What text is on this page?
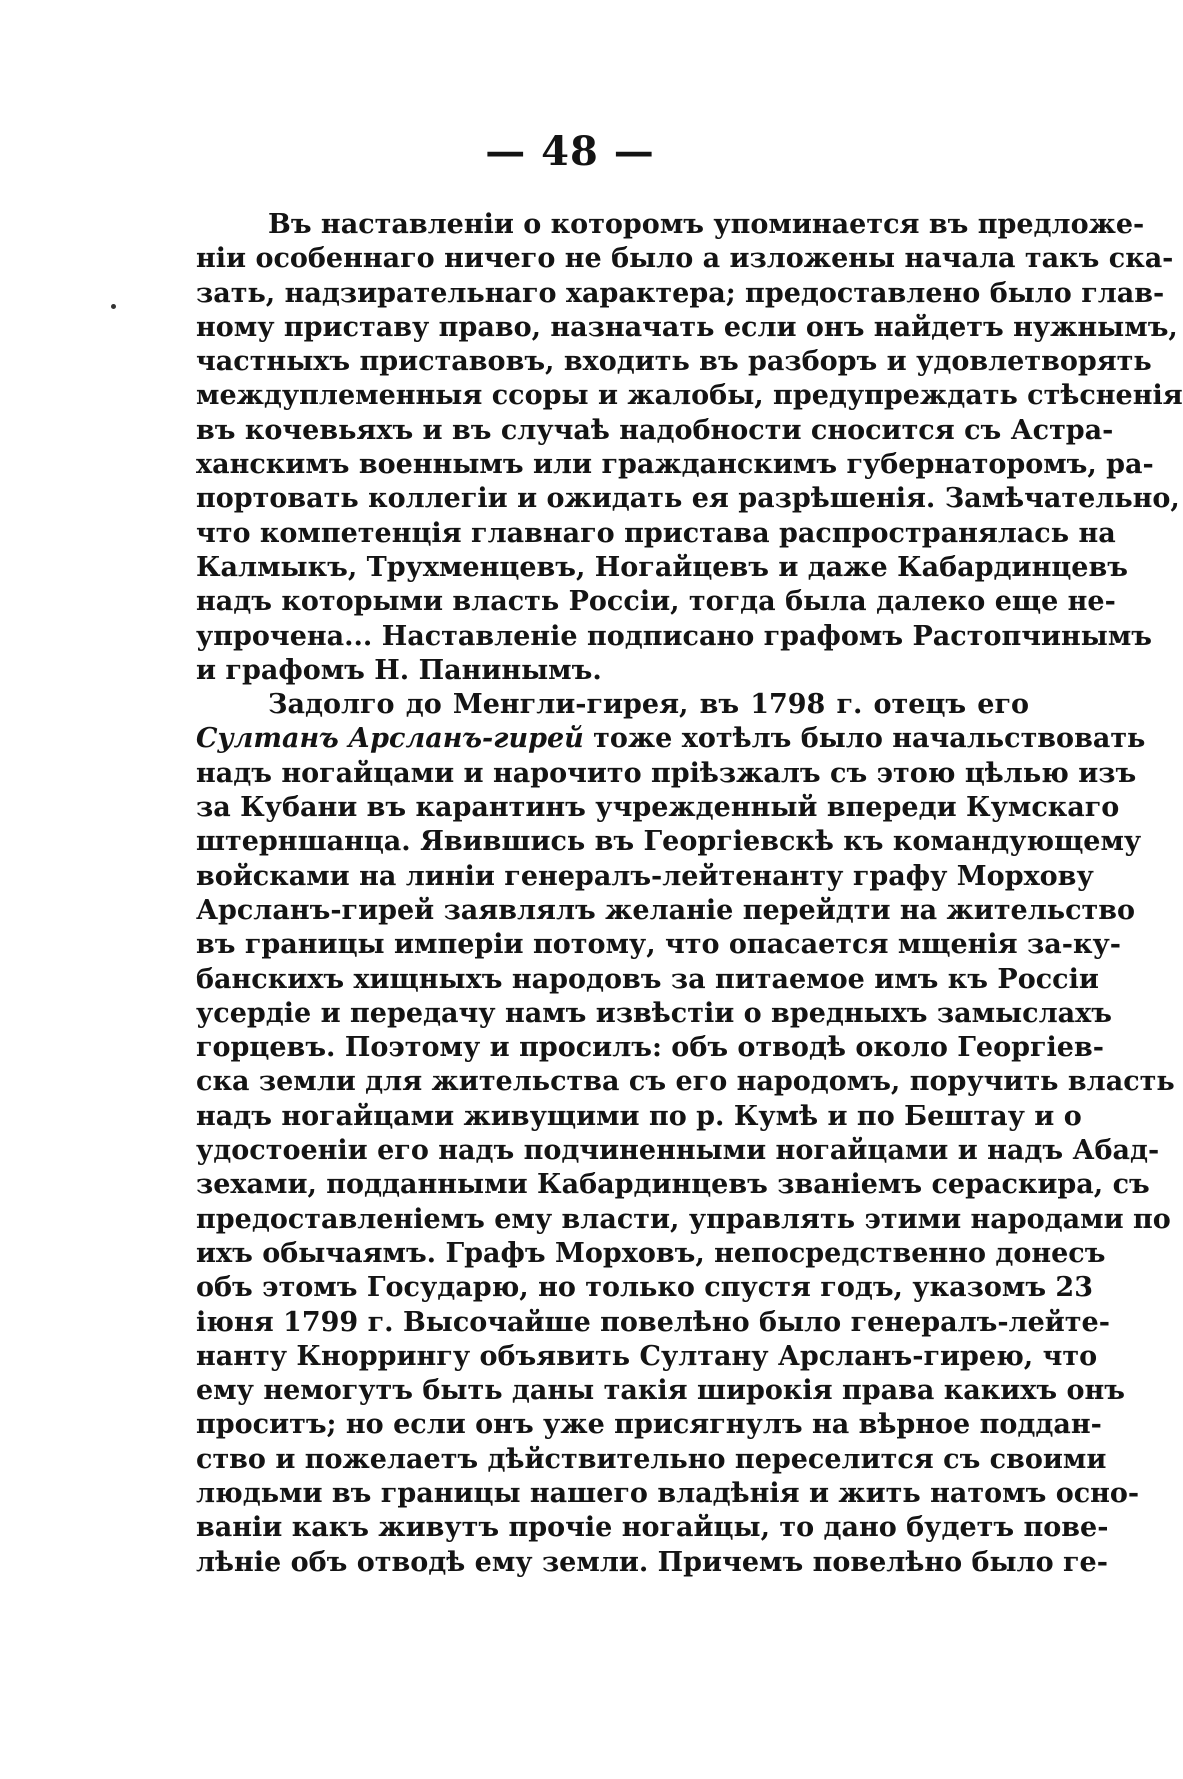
— 48 —
Въ наставленіи о которомъ упоминается въ предложе-
ніи особеннаго ничего не было а изложены начала такъ ска-
зать, надзирательнаго характера; предоставлено было глав-
ному приставу право, назначать если онъ найдетъ нужнымъ,
частныхъ приставовъ, входить въ разборъ и удовлетворять
междуплеменныя ссоры и жалобы, предупреждать стѣсненія
въ кочевьяхъ и въ случаѣ надобности сносится съ Астра-
ханскимъ военнымъ или гражданскимъ губернаторомъ, ра-
портовать коллегіи и ожидать ея разрѣшенія. Замѣчательно,
что компетенція главнаго пристава распространялась на
Калмыкъ, Трухменцевъ, Ногайцевъ и даже Кабардинцевъ
надъ которыми власть Россіи, тогда была далеко еще не-
упрочена... Наставленіе подписано графомъ Растопчинымъ
и графомъ Н. Панинымъ.
Задолго до Менгли-гирея, въ 1798 г. отецъ его
Султанъ Арсланъ-гирей тоже хотѣлъ было начальствовать
надъ ногайцами и нарочито пріѣзжалъ съ этою цѣлью изъ
за Кубани въ карантинъ учрежденный впереди Кумскаго
штерншанца. Явившись въ Георгіевскѣ къ командующему
войсками на линіи генералъ-лейтенанту графу Морхову
Арсланъ-гирей заявлялъ желаніе перейдти на жительство
въ границы имперіи потому, что опасается мщенія за-ку-
банскихъ хищныхъ народовъ за питаемое имъ къ Россіи
усердіе и передачу намъ извѣстіи о вредныхъ замыслахъ
горцевъ. Поэтому и просилъ: объ отводѣ около Георгіев-
ска земли для жительства съ его народомъ, поручить власть
надъ ногайцами живущими по р. Кумѣ и по Бештау и о
удостоеніи его надъ подчиненными ногайцами и надъ Абад-
зехами, подданными Кабардинцевъ званіемъ сераскира, съ
предоставленіемъ ему власти, управлять этими народами по
ихъ обычаямъ. Графъ Морховъ, непосредственно донесъ
объ этомъ Государю, но только спустя годъ, указомъ 23
іюня 1799 г. Высочайше повелѣно было генералъ-лейте-
нанту Кноррингу объявить Султану Арсланъ-гирею, что
ему немогутъ быть даны такія широкія права какихъ онъ
проситъ; но если онъ уже присягнулъ на вѣрное поддан-
ство и пожелаетъ дѣйствительно переселится съ своими
людьми въ границы нашего владѣнія и жить натомъ осно-
ваніи какъ живутъ прочіе ногайцы, то дано будетъ пове-
лѣніе объ отводѣ ему земли. Причемъ повелѣно было ге-
